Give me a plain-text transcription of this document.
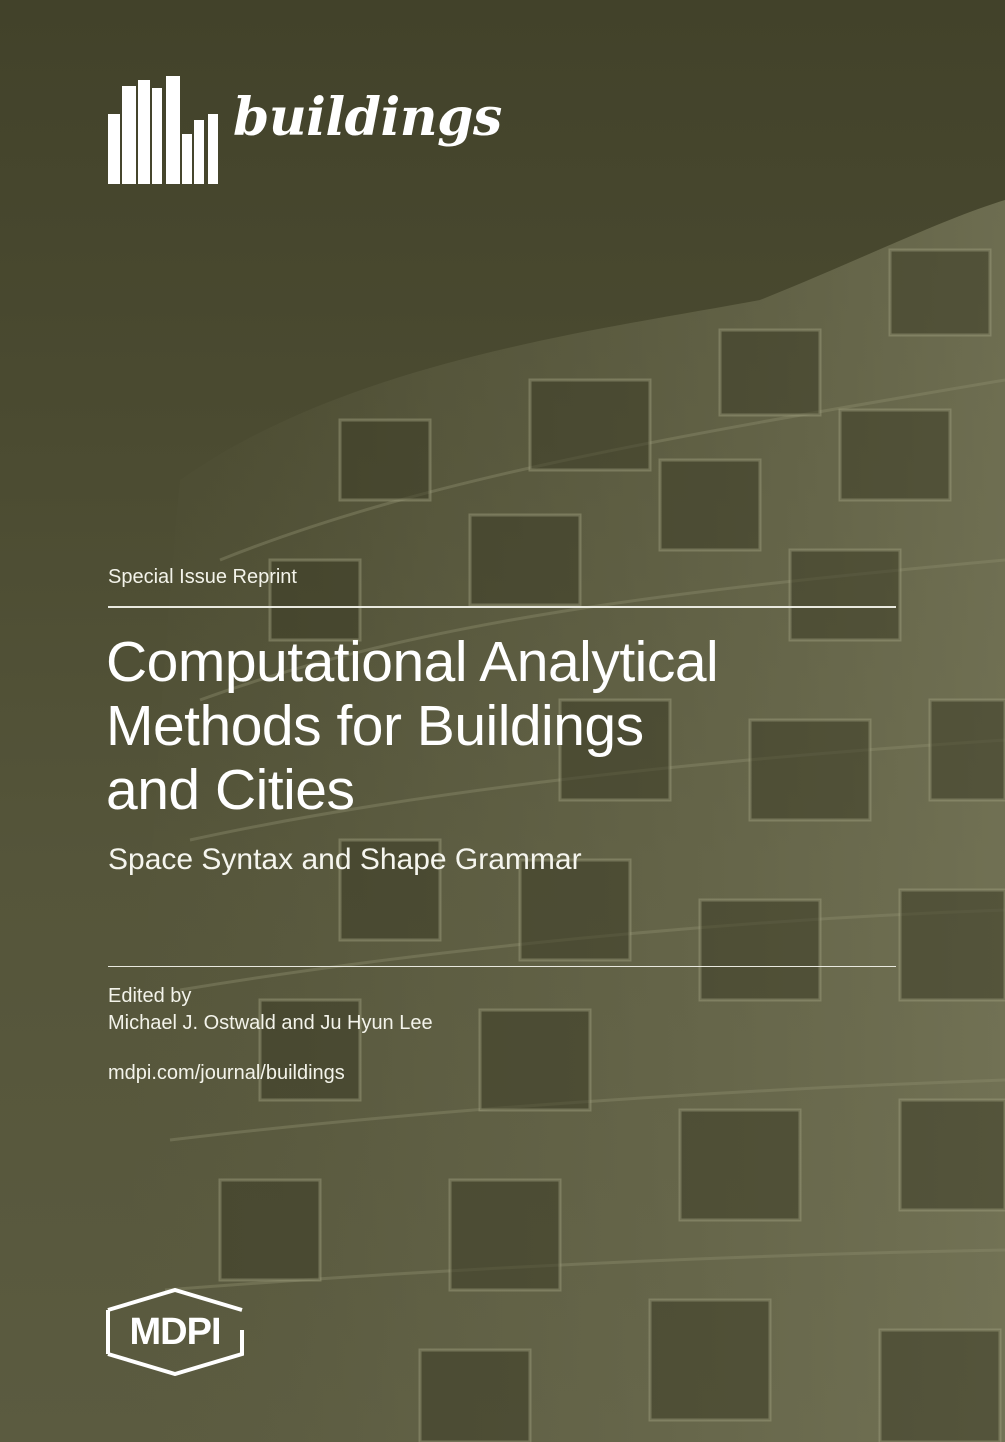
buildings
Special Issue Reprint
Computational Analytical
Methods for Buildings
and Cities
Space Syntax and Shape Grammar
Edited by
Michael J. Ostwald and Ju Hyun Lee
mdpi.com/journal/buildings
MDPI
